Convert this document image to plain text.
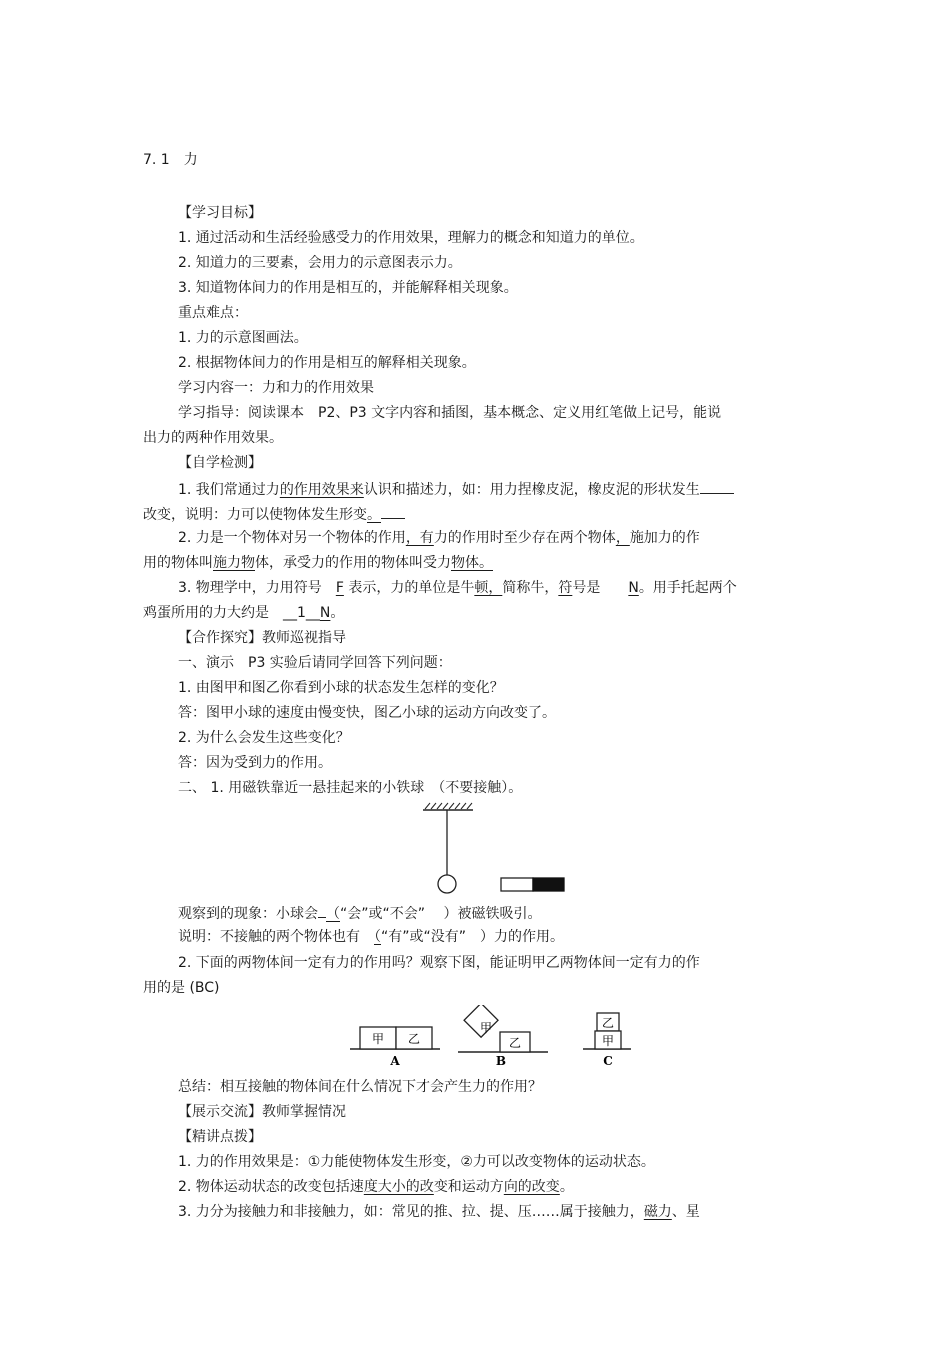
7. 1　力
【学习目标】
1. 通过活动和生活经验感受力的作用效果，理解力的概念和知道力的单位。
2. 知道力的三要素，会用力的示意图表示力。
3. 知道物体间力的作用是相互的，并能解释相关现象。
重点难点：
1. 力的示意图画法。
2. 根据物体间力的作用是相互的解释相关现象。
学习内容一：力和力的作用效果
学习指导：阅读课本　P2、P3 文字内容和插图，基本概念、定义用红笔做上记号，能说
出力的两种作用效果。
【自学检测】
1. 我们常通过力的作用效果来认识和描述力，如：用力捏橡皮泥，橡皮泥的形状发生
改变，说明：力可以使物体发生形变。
2. 力是一个物体对另一个物体的作用，有力的作用时至少存在两个物体，施加力的作
用的物体叫施力物体，承受力的作用的物体叫受力物体。
3. 物理学中，力用符号　F 表示，力的单位是牛顿，简称牛，符号是　　N。用手托起两个
鸡蛋所用的力大约是　__1__N。
【合作探究】教师巡视指导
一、演示　P3 实验后请同学回答下列问题：
1. 由图甲和图乙你看到小球的状态发生怎样的变化？
答：图甲小球的速度由慢变快，图乙小球的运动方向改变了。
2. 为什么会发生这些变化？
答：因为受到力的作用。
二、 1. 用磁铁靠近一悬挂起来的小铁球　（不要接触）。
观察到的现象：小球会 （“会”或“不会”　 ）被磁铁吸引。
说明：不接触的两个物体也有　（“有”或“没有”　）力的作用。
2. 下面的两物体间一定有力的作用吗？观察下图，能证明甲乙两物体间一定有力的作
用的是 (BC)
甲 乙
A
甲
乙
B
乙
甲
C
总结：相互接触的物体间在什么情况下才会产生力的作用？
【展示交流】教师掌握情况
【精讲点拨】
1. 力的作用效果是：①力能使物体发生形变，②力可以改变物体的运动状态。
2. 物体运动状态的改变包括速度大小的改变和运动方向的改变。
3. 力分为接触力和非接触力，如：常见的推、拉、提、压……属于接触力，磁力、星
